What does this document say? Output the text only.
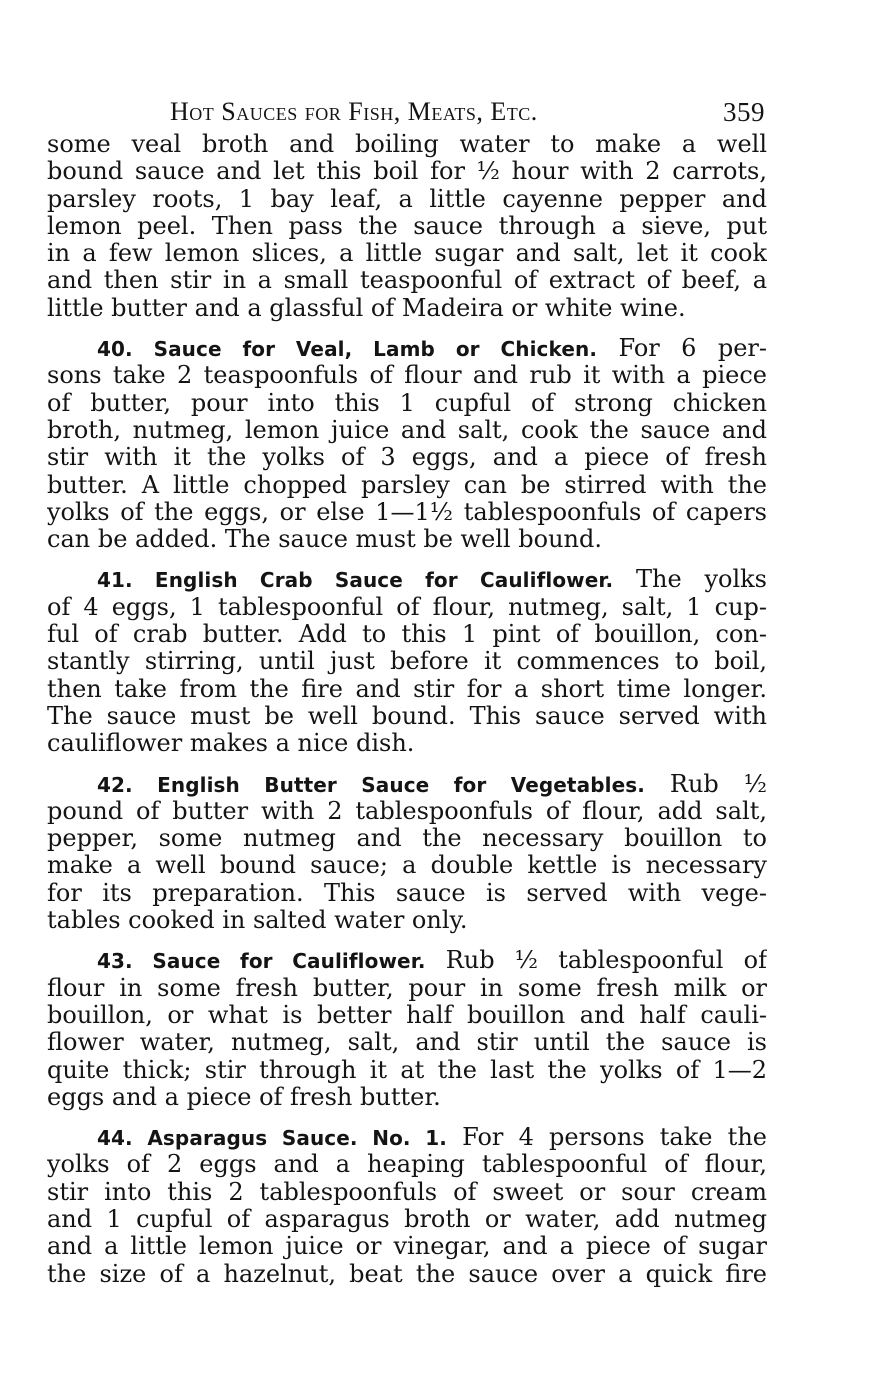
Hot Sauces for Fish, Meats, Etc.	359
some veal broth and boiling water to make a well
bound sauce and let this boil for ½ hour with 2 carrots,
parsley roots, 1 bay leaf, a little cayenne pepper and
lemon peel. Then pass the sauce through a sieve, put
in a few lemon slices, a little sugar and salt, let it cook
and then stir in a small teaspoonful of extract of beef, a
little butter and a glassful of Madeira or white wine.
40. Sauce for Veal, Lamb or Chicken. For 6 per-
sons take 2 teaspoonfuls of flour and rub it with a piece
of butter, pour into this 1 cupful of strong chicken
broth, nutmeg, lemon juice and salt, cook the sauce and
stir with it the yolks of 3 eggs, and a piece of fresh
butter. A little chopped parsley can be stirred with the
yolks of the eggs, or else 1—1½ tablespoonfuls of capers
can be added. The sauce must be well bound.
41. English Crab Sauce for Cauliflower. The yolks
of 4 eggs, 1 tablespoonful of flour, nutmeg, salt, 1 cup-
ful of crab butter. Add to this 1 pint of bouillon, con-
stantly stirring, until just before it commences to boil,
then take from the fire and stir for a short time longer.
The sauce must be well bound. This sauce served with
cauliflower makes a nice dish.
42. English Butter Sauce for Vegetables. Rub ½
pound of butter with 2 tablespoonfuls of flour, add salt,
pepper, some nutmeg and the necessary bouillon to
make a well bound sauce; a double kettle is necessary
for its preparation. This sauce is served with vege-
tables cooked in salted water only.
43. Sauce for Cauliflower. Rub ½ tablespoonful of
flour in some fresh butter, pour in some fresh milk or
bouillon, or what is better half bouillon and half cauli-
flower water, nutmeg, salt, and stir until the sauce is
quite thick; stir through it at the last the yolks of 1—2
eggs and a piece of fresh butter.
44. Asparagus Sauce. No. 1. For 4 persons take the
yolks of 2 eggs and a heaping tablespoonful of flour,
stir into this 2 tablespoonfuls of sweet or sour cream
and 1 cupful of asparagus broth or water, add nutmeg
and a little lemon juice or vinegar, and a piece of sugar
the size of a hazelnut, beat the sauce over a quick fire
